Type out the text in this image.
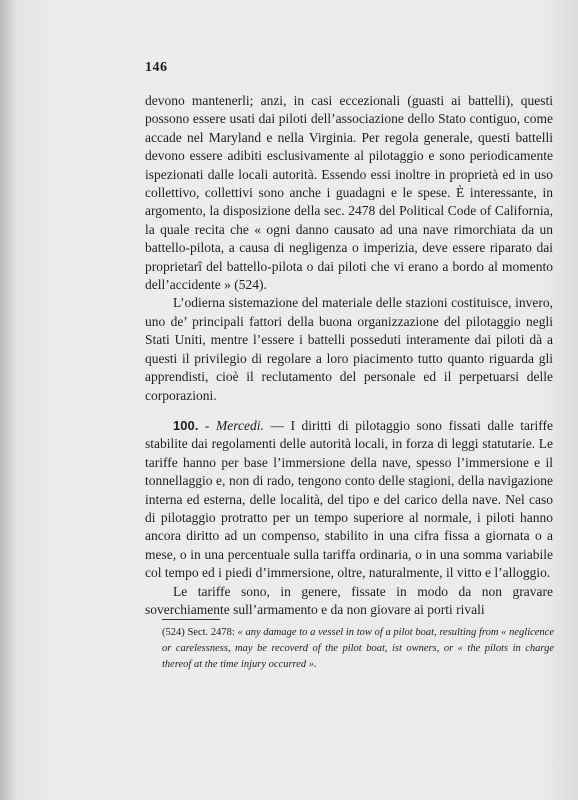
146

devono mantenerli; anzi, in casi eccezionali (guasti ai battelli), questi possono essere usati dai piloti dell’associazione dello Stato contiguo, come accade nel Maryland e nella Virginia. Per regola generale, questi battelli devono essere adibiti esclusivamente al pilotaggio e sono periodicamente ispezionati dalle locali autorità. Essendo essi inoltre in proprietà ed in uso collettivo, collettivi sono anche i guadagni e le spese. È interessante, in argomento, la disposizione della sec. 2478 del Political Code of California, la quale recita che « ogni danno causato ad una nave rimorchiata da un battello-pilota, a causa di negligenza o imperizia, deve essere riparato dai proprietarî del battello-pilota o dai piloti che vi erano a bordo al momento dell’accidente » (524).

L’odierna sistemazione del materiale delle stazioni costituisce, invero, uno de’ principali fattori della buona organizzazione del pilotaggio negli Stati Uniti, mentre l’essere i battelli posseduti interamente dai piloti dà a questi il privilegio di regolare a loro piacimento tutto quanto riguarda gli apprendisti, cioè il reclutamento del personale ed il perpetuarsi delle corporazioni.

100. - Mercedi. — I diritti di pilotaggio sono fissati dalle tariffe stabilite dai regolamenti delle autorità locali, in forza di leggi statutarie. Le tariffe hanno per base l’immersione della nave, spesso l’immersione e il tonnellaggio e, non di rado, tengono conto delle stagioni, della navigazione interna ed esterna, delle località, del tipo e del carico della nave. Nel caso di pilotaggio protratto per un tempo superiore al normale, i piloti hanno ancora diritto ad un compenso, stabilito in una cifra fissa a giornata o a mese, o in una percentuale sulla tariffa ordinaria, o in una somma variabile col tempo ed i piedi d’immersione, oltre, naturalmente, il vitto e l’alloggio.

Le tariffe sono, in genere, fissate in modo da non gravare soverchiamente sull’armamento e da non giovare ai porti rivali

(524) Sect. 2478: « any damage to a vessel in tow of a pilot boat, resulting from « neglicence or carelessness, may be recoverd of the pilot boat, ist owners, or « the pilots in charge thereof at the time injury occurred ».
